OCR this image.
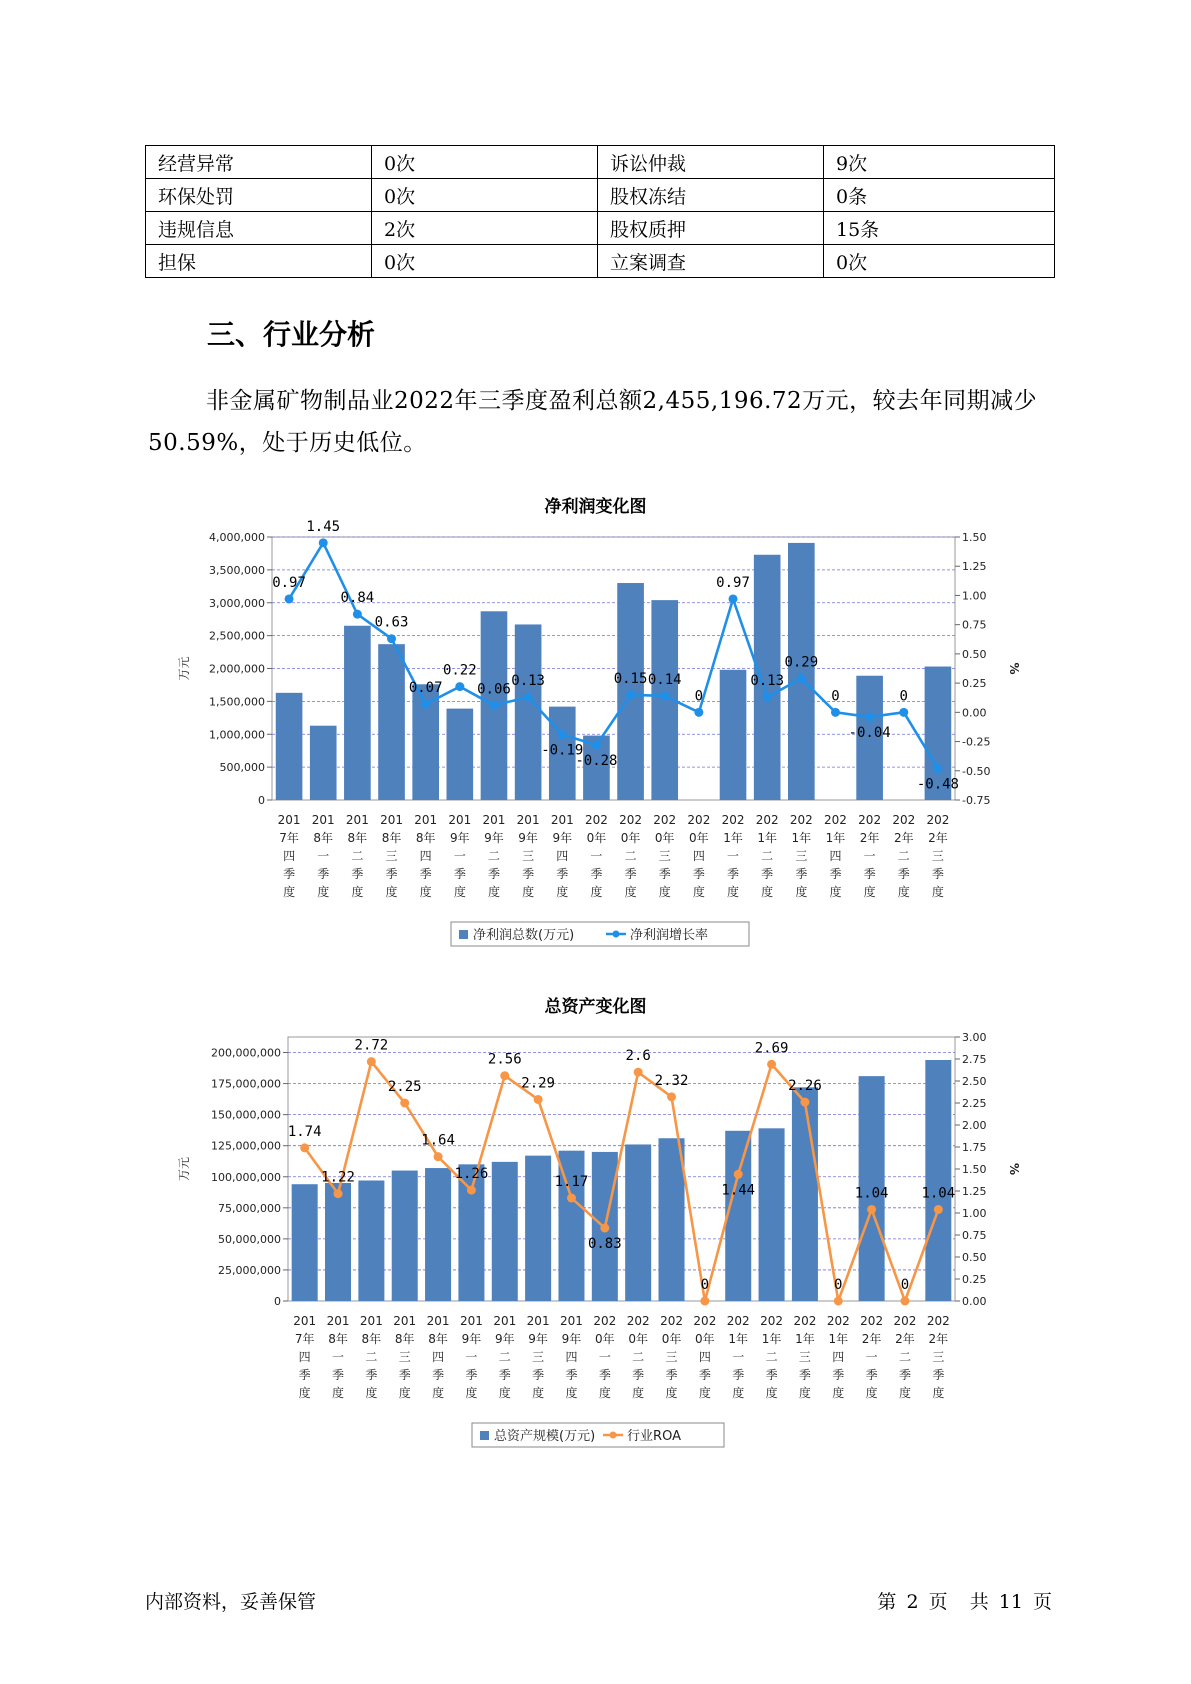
经营异常	0次	诉讼仲裁	9次
环保处罚	0次	股权冻结	0条
违规信息	2次	股权质押	15条
担保	0次	立案调查	0次
三、行业分析

非金属矿物制品业2022年三季度盈利总额2,455,196.72万元，较去年同期减少50.59%，处于历史低位。

净利润变化图

0
500,000
1,000,000
1,500,000
2,000,000
2,500,000
3,000,000
3,500,000
4,000,000
-0.75
-0.50
-0.25
0.00
0.25
0.50
0.75
1.00
1.25
1.50
万元	%
201
7年
四
季
度
201
8年
一
季
度
201
8年
二
季
度
201
8年
三
季
度
201
8年
四
季
度
201
9年
一
季
度
201
9年
二
季
度
201
9年
三
季
度
201
9年
四
季
度
202
0年
一
季
度
202
0年
二
季
度
202
0年
三
季
度
202
0年
四
季
度
202
1年
一
季
度
202
1年
二
季
度
202
1年
三
季
度
202
1年
四
季
度
202
2年
一
季
度
202
2年
二
季
度
202
2年
三
季
度
0.97
1.45
0.84
0.63
0.07
0.22
0.06
0.13
-0.19
-0.28
0.15 0.14
0
0.97
0.13
0.29
0
-0.04
0
-0.48
净利润总数(万元)	净利润增长率

总资产变化图

0
25,000,000
50,000,000
75,000,000
100,000,000
125,000,000
150,000,000
175,000,000
200,000,000
0.00
0.25
0.50
0.75
1.00
1.25
1.50
1.75
2.00
2.25
2.50
2.75
3.00
万元	%
201
7年
四
季
度
201
8年
一
季
度
201
8年
二
季
度
201
8年
三
季
度
201
8年
四
季
度
201
9年
一
季
度
201
9年
二
季
度
201
9年
三
季
度
201
9年
四
季
度
202
0年
一
季
度
202
0年
二
季
度
202
0年
三
季
度
202
0年
四
季
度
202
1年
一
季
度
202
1年
二
季
度
202
1年
三
季
度
202
1年
四
季
度
202
2年
一
季
度
202
2年
二
季
度
202
2年
三
季
度
1.74
1.22
2.72
2.25
1.64
1.26
2.56
2.29
1.17
0.83
2.6
2.32
0
1.44
2.69
2.26
0
1.04
0
1.04
总资产规模(万元) 行业ROA
内部资料，妥善保管	第 2 页 共 11 页
